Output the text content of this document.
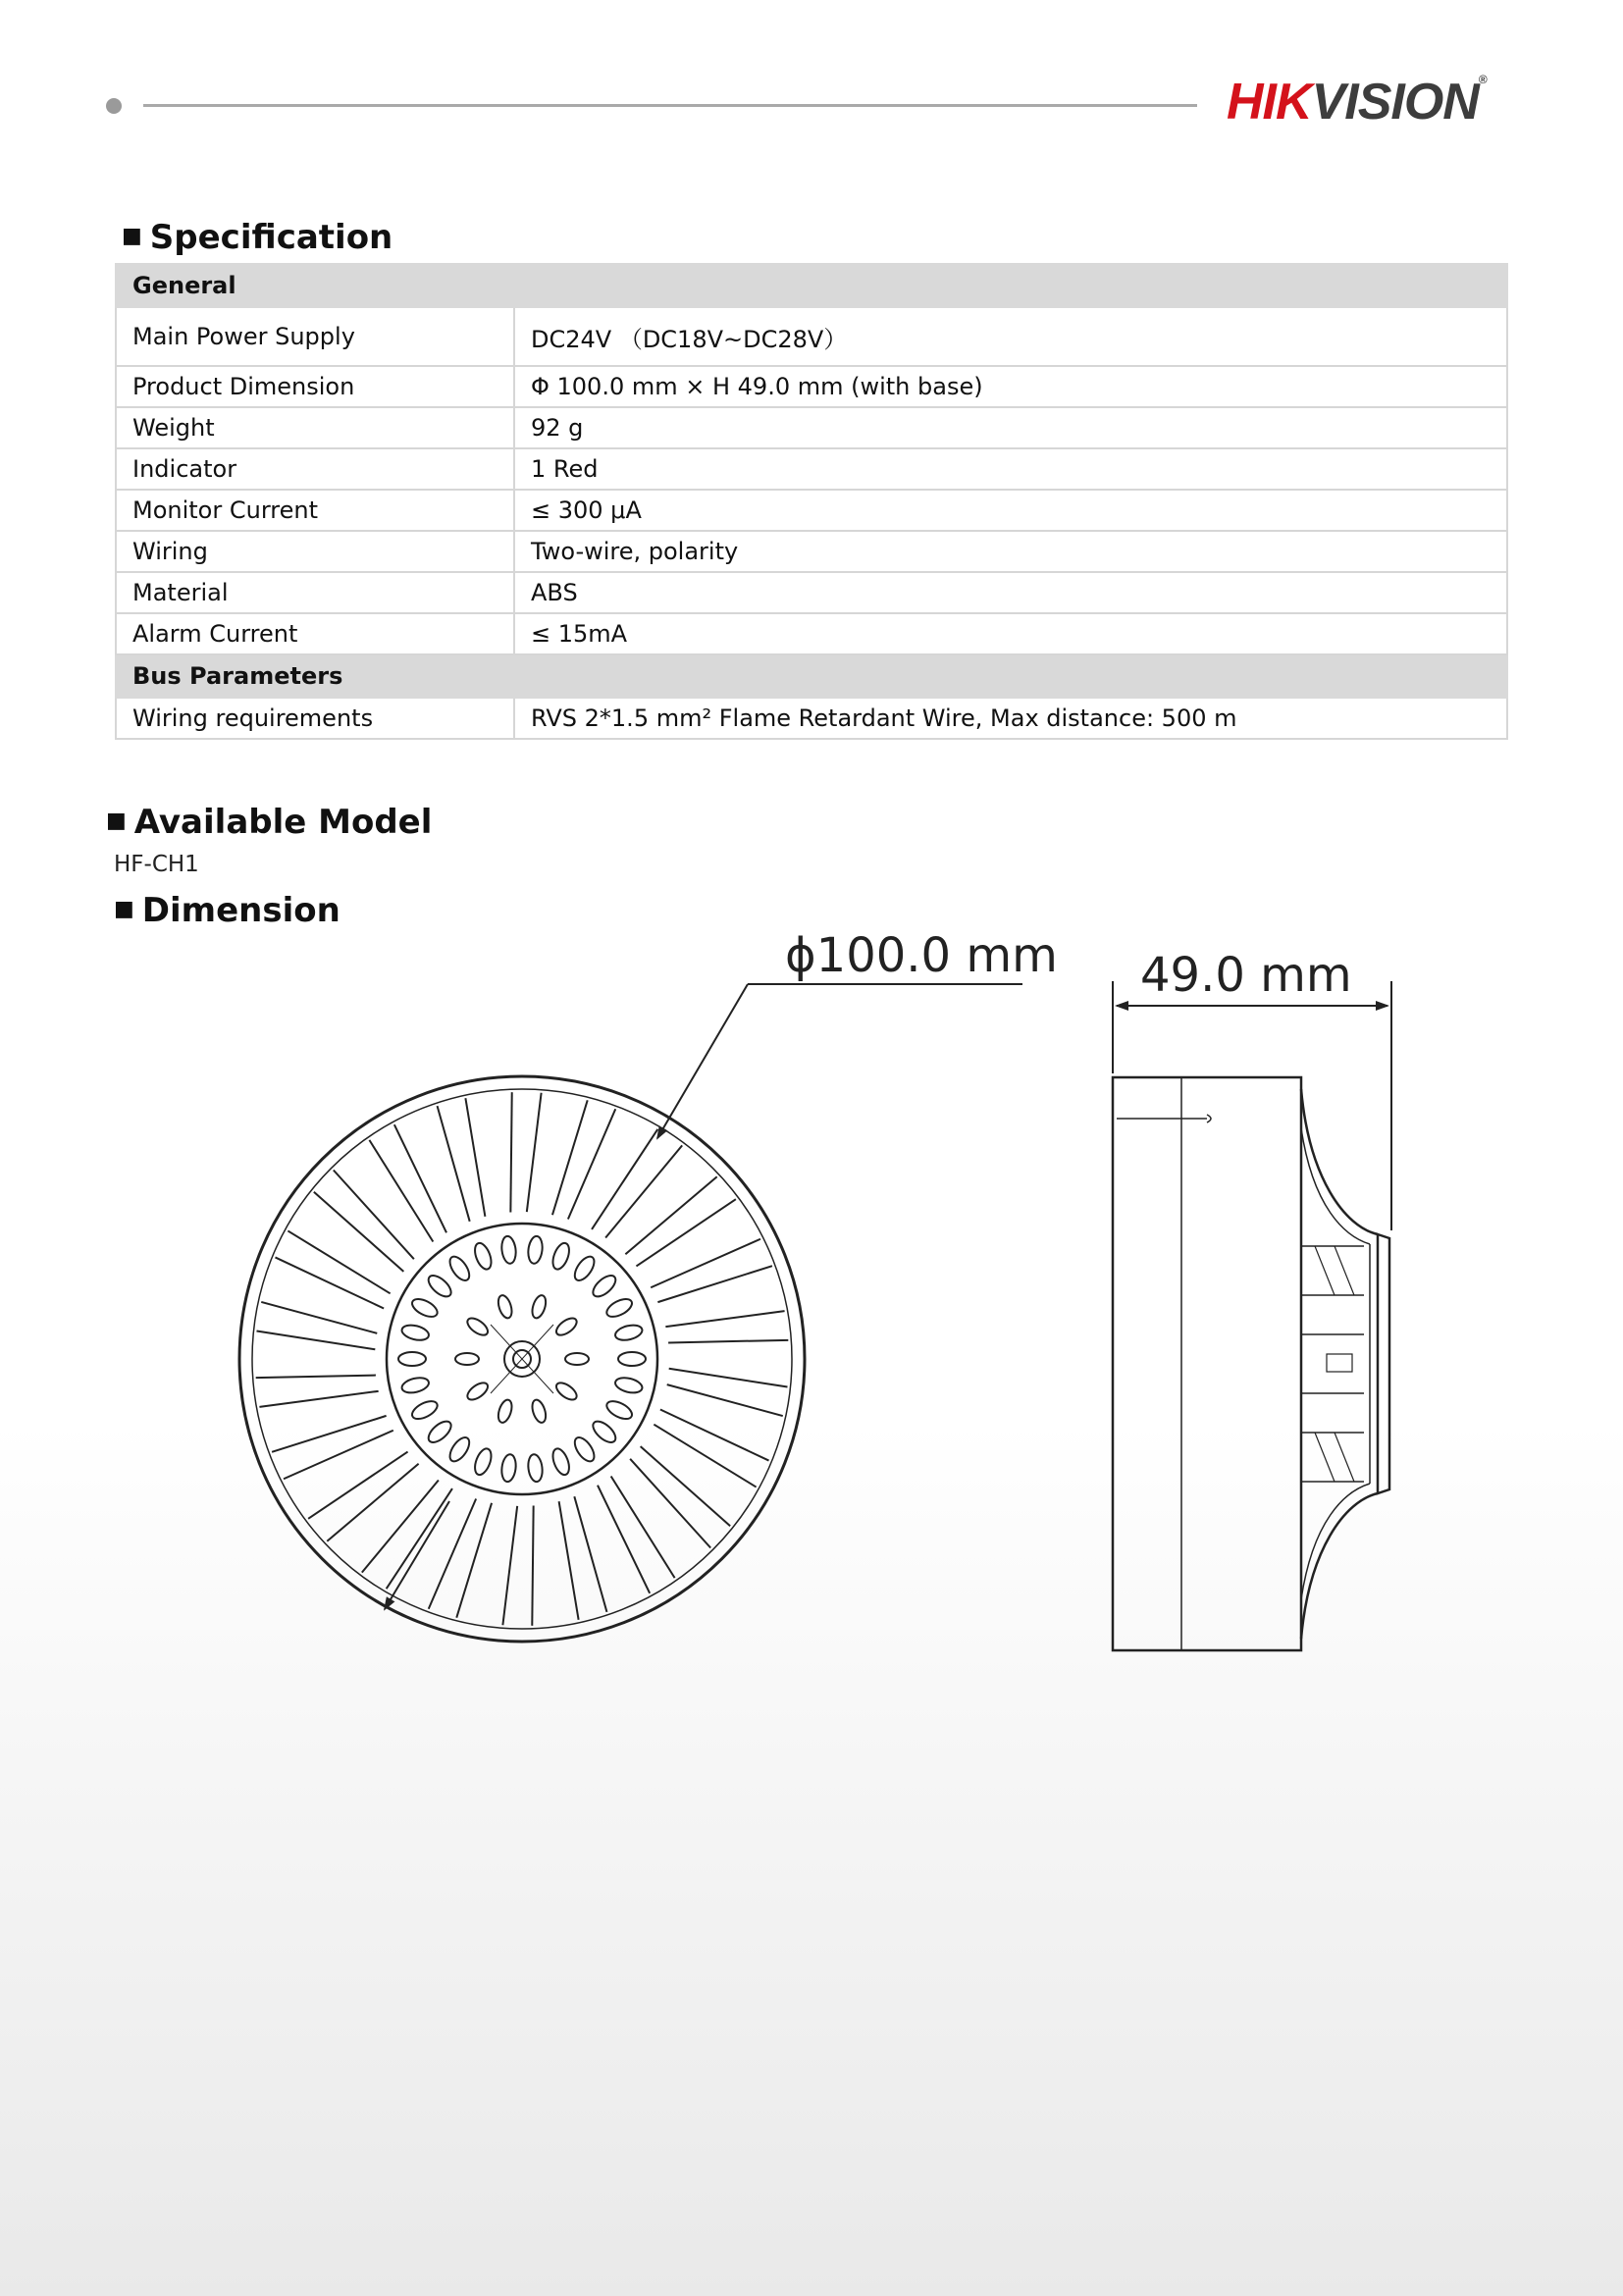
HIKVISION®
■ Specification
General	
Main Power Supply	DC24V （DC18V~DC28V）
Product Dimension	Φ 100.0 mm × H 49.0 mm (with base)
Weight	92 g
Indicator	1 Red
Monitor Current	≤ 300 μA
Wiring	Two-wire, polarity
Material	ABS
Alarm Current	≤ 15mA
Bus Parameters	
Wiring requirements	RVS 2*1.5 mm² Flame Retardant Wire, Max distance: 500 m
■ Available Model
HF-CH1
■ Dimension
ϕ100.0 mm 49.0 mm
